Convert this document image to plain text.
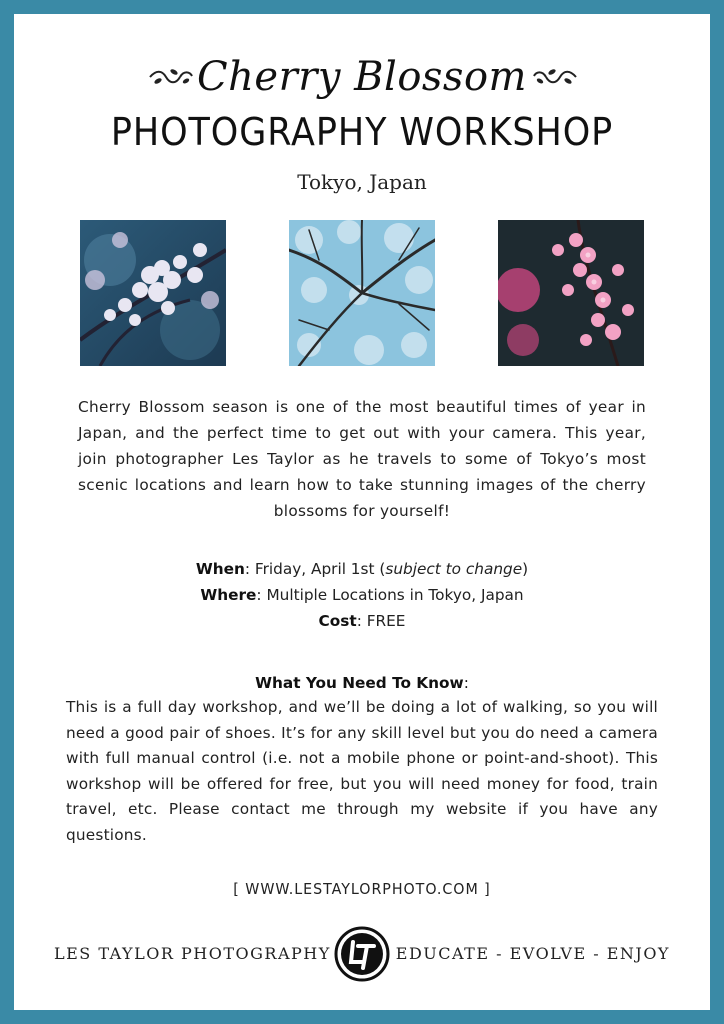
Cherry Blossom
PHOTOGRAPHY WORKSHOP
Tokyo, Japan
Cherry Blossom season is one of the most beautiful times of year in Japan, and the perfect time to get out with your camera. This year, join photographer Les Taylor as he travels to some of Tokyo’s most scenic locations and learn how to take stunning images of the cherry blossoms for yourself!
When: Friday, April 1st (subject to change)
Where: Multiple Locations in Tokyo, Japan
Cost: FREE
What You Need To Know:
This is a full day workshop, and we’ll be doing a lot of walking, so you will need a good pair of shoes. It’s for any skill level but you do need a camera with full manual control (i.e. not a mobile phone or point-and-shoot). This workshop will be offered for free, but you will need money for food, train travel, etc. Please contact me through my website if you have any questions.
[ WWW.LESTAYLORPHOTO.COM ]
LES TAYLOR PHOTOGRAPHY	EDUCATE - EVOLVE - ENJOY
